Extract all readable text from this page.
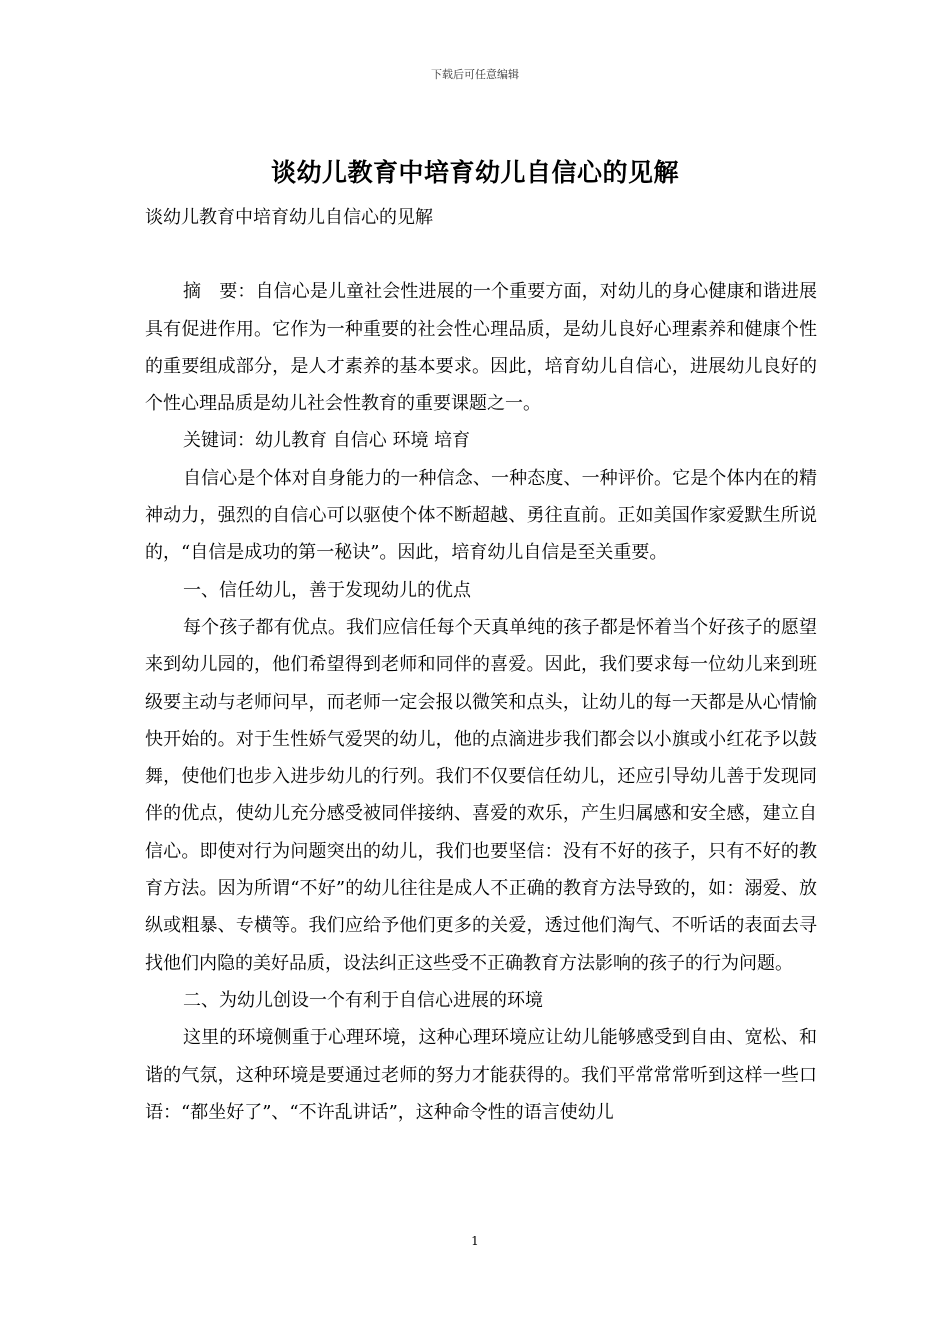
下载后可任意编辑
谈幼儿教育中培育幼儿自信心的见解

谈幼儿教育中培育幼儿自信心的见解

摘　要：自信心是儿童社会性进展的一个重要方面，对幼儿的身心健康和谐进展具有促进作用。它作为一种重要的社会性心理品质，是幼儿良好心理素养和健康个性的重要组成部分，是人才素养的基本要求。因此，培育幼儿自信心，进展幼儿良好的个性心理品质是幼儿社会性教育的重要课题之一。

关键词：幼儿教育 自信心 环境 培育

自信心是个体对自身能力的一种信念、一种态度、一种评价。它是个体内在的精神动力，强烈的自信心可以驱使个体不断超越、勇往直前。正如美国作家爱默生所说的，“自信是成功的第一秘诀”。因此，培育幼儿自信是至关重要。

一、信任幼儿，善于发现幼儿的优点

每个孩子都有优点。我们应信任每个天真单纯的孩子都是怀着当个好孩子的愿望来到幼儿园的，他们希望得到老师和同伴的喜爱。因此，我们要求每一位幼儿来到班级要主动与老师问早，而老师一定会报以微笑和点头，让幼儿的每一天都是从心情愉快开始的。对于生性娇气爱哭的幼儿，他的点滴进步我们都会以小旗或小红花予以鼓舞，使他们也步入进步幼儿的行列。我们不仅要信任幼儿，还应引导幼儿善于发现同伴的优点，使幼儿充分感受被同伴接纳、喜爱的欢乐，产生归属感和安全感，建立自信心。即使对行为问题突出的幼儿，我们也要坚信：没有不好的孩子，只有不好的教育方法。因为所谓“不好”的幼儿往往是成人不正确的教育方法导致的，如：溺爱、放纵或粗暴、专横等。我们应给予他们更多的关爱，透过他们淘气、不听话的表面去寻找他们内隐的美好品质，设法纠正这些受不正确教育方法影响的孩子的行为问题。

二、为幼儿创设一个有利于自信心进展的环境

这里的环境侧重于心理环境，这种心理环境应让幼儿能够感受到自由、宽松、和谐的气氛，这种环境是要通过老师的努力才能获得的。我们平常常常听到这样一些口语：“都坐好了”、“不许乱讲话”，这种命令性的语言使幼儿

1
